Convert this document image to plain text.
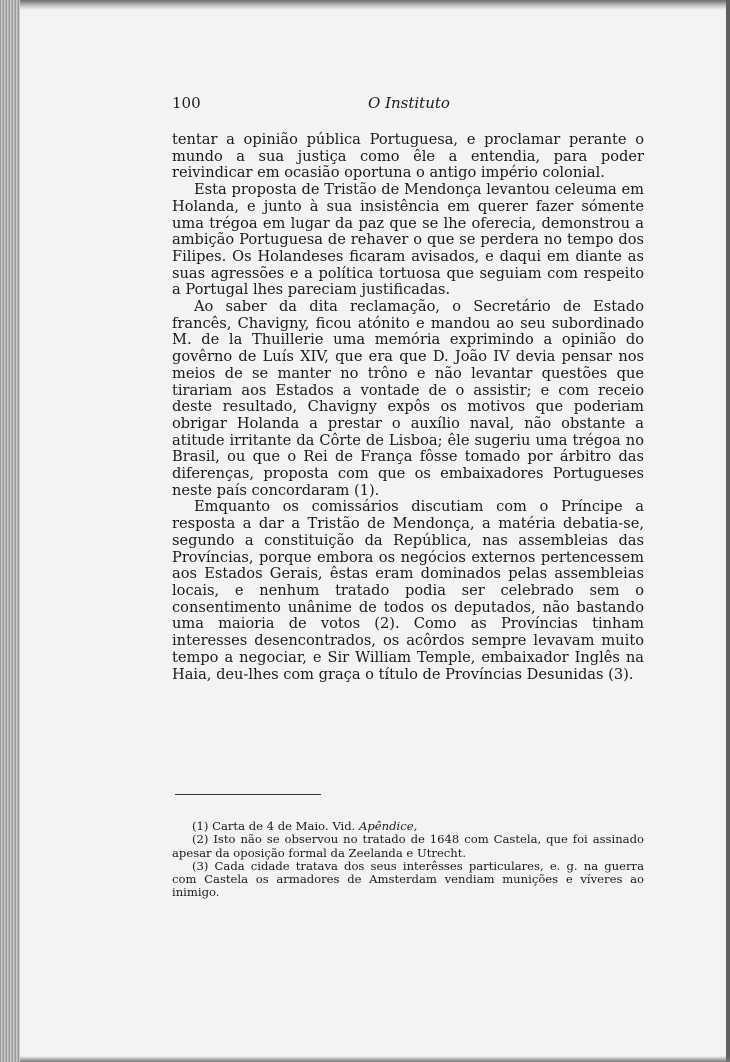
100	O Instituto

tentar a opinião pública Portuguesa, e proclamar perante o mundo a sua justiça como êle a entendia, para poder reivindicar em ocasião oportuna o antigo império colonial.

Esta proposta de Tristão de Mendonça levantou celeuma em Holanda, e junto à sua insistência em querer fazer sómente uma trégoa em lugar da paz que se lhe oferecia, demonstrou a ambição Portuguesa de rehaver o que se perdera no tempo dos Filipes. Os Holandeses ficaram avisados, e daqui em diante as suas agressões e a política tortuosa que seguiam com respeito a Portugal lhes pareciam justificadas.

Ao saber da dita reclamação, o Secretário de Estado francês, Chavigny, ficou atónito e mandou ao seu subordinado M. de la Thuillerie uma memória exprimindo a opinião do govêrno de Luís XIV, que era que D. João IV devia pensar nos meios de se manter no trôno e não levantar questões que tirariam aos Estados a vontade de o assistir; e com receio deste resultado, Chavigny expôs os motivos que poderiam obrigar Holanda a prestar o auxílio naval, não obstante a atitude irritante da Côrte de Lisboa; êle sugeriu uma trégoa no Brasil, ou que o Rei de França fôsse tomado por árbitro das diferenças, proposta com que os embaixadores Portugueses neste país concordaram (1).

Emquanto os comissários discutiam com o Príncipe a resposta a dar a Tristão de Mendonça, a matéria debatia-se, segundo a constituição da República, nas assembleias das Províncias, porque embora os negócios externos pertencessem aos Estados Gerais, êstas eram dominados pelas assembleias locais, e nenhum tratado podia ser celebrado sem o consentimento unânime de todos os deputados, não bastando uma maioria de votos (2). Como as Províncias tinham interesses desencontrados, os acôrdos sempre levavam muito tempo a negociar, e Sir William Temple, embaixador Inglês na Haia, deu-lhes com graça o título de Províncias Desunidas (3).

(1) Carta de 4 de Maio. Vid. Apêndice,

(2) Isto não se observou no tratado de 1648 com Castela, que foi assinado apesar da oposição formal da Zeelanda e Utrecht.

(3) Cada cidade tratava dos seus interêsses particulares, e. g. na guerra com Castela os armadores de Amsterdam vendiam munições e víveres ao inimigo.
